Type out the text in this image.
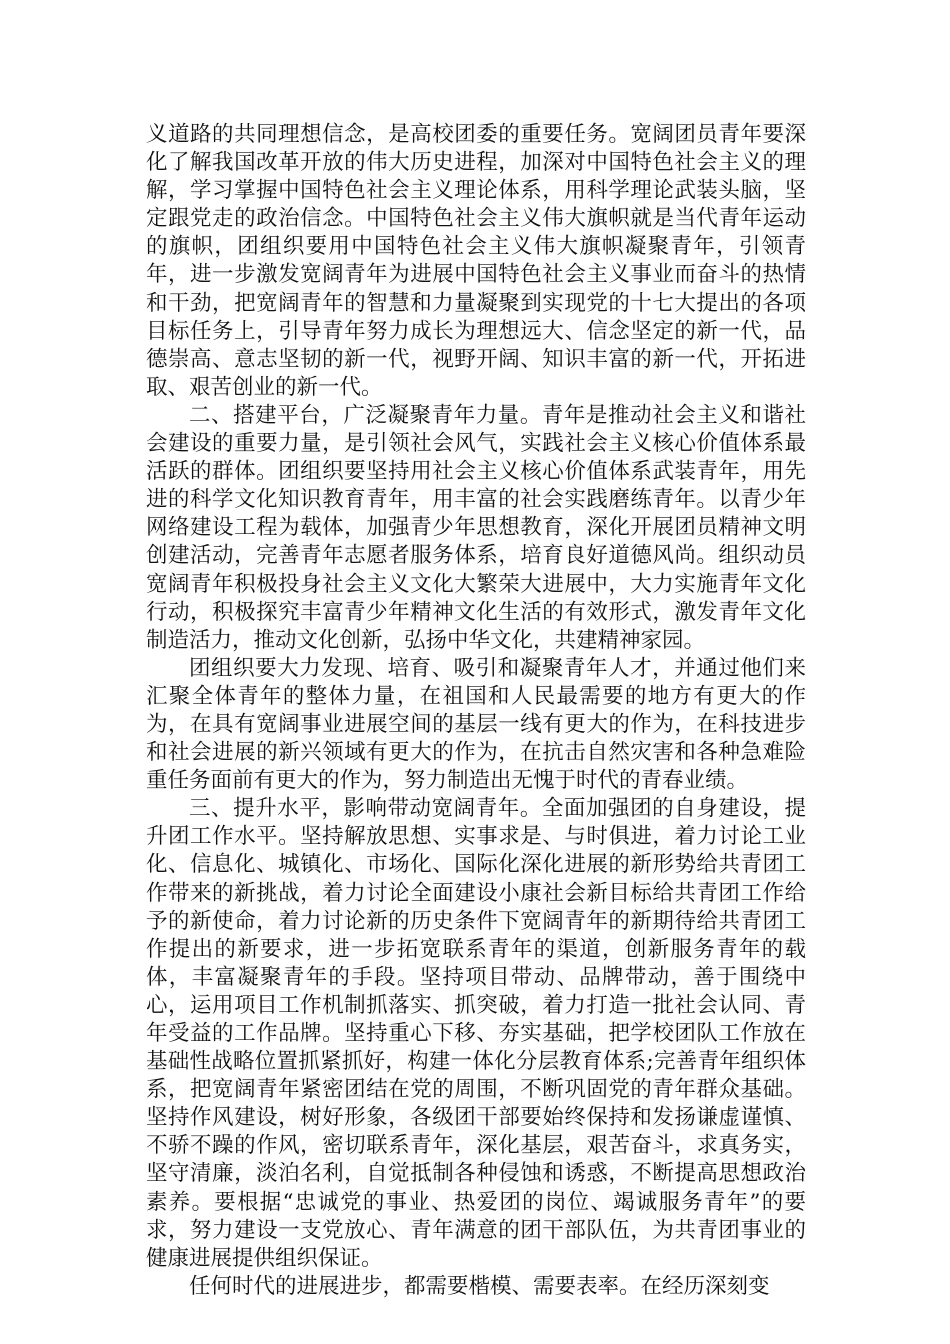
义道路的共同理想信念，是高校团委的重要任务。宽阔团员青年要深化了解我国改革开放的伟大历史进程，加深对中国特色社会主义的理解，学习掌握中国特色社会主义理论体系，用科学理论武装头脑，坚定跟党走的政治信念。中国特色社会主义伟大旗帜就是当代青年运动的旗帜，团组织要用中国特色社会主义伟大旗帜凝聚青年，引领青年，进一步激发宽阔青年为进展中国特色社会主义事业而奋斗的热情和干劲，把宽阔青年的智慧和力量凝聚到实现党的十七大提出的各项目标任务上，引导青年努力成长为理想远大、信念坚定的新一代，品德崇高、意志坚韧的新一代，视野开阔、知识丰富的新一代，开拓进取、艰苦创业的新一代。

二、搭建平台，广泛凝聚青年力量。青年是推动社会主义和谐社会建设的重要力量，是引领社会风气，实践社会主义核心价值体系最活跃的群体。团组织要坚持用社会主义核心价值体系武装青年，用先进的科学文化知识教育青年，用丰富的社会实践磨练青年。以青少年网络建设工程为载体，加强青少年思想教育，深化开展团员精神文明创建活动，完善青年志愿者服务体系，培育良好道德风尚。组织动员宽阔青年积极投身社会主义文化大繁荣大进展中，大力实施青年文化行动，积极探究丰富青少年精神文化生活的有效形式，激发青年文化制造活力，推动文化创新，弘扬中华文化，共建精神家园。

团组织要大力发现、培育、吸引和凝聚青年人才，并通过他们来汇聚全体青年的整体力量，在祖国和人民最需要的地方有更大的作为，在具有宽阔事业进展空间的基层一线有更大的作为，在科技进步和社会进展的新兴领域有更大的作为，在抗击自然灾害和各种急难险重任务面前有更大的作为，努力制造出无愧于时代的青春业绩。

三、提升水平，影响带动宽阔青年。全面加强团的自身建设，提升团工作水平。坚持解放思想、实事求是、与时俱进，着力讨论工业化、信息化、城镇化、市场化、国际化深化进展的新形势给共青团工作带来的新挑战，着力讨论全面建设小康社会新目标给共青团工作给予的新使命，着力讨论新的历史条件下宽阔青年的新期待给共青团工作提出的新要求，进一步拓宽联系青年的渠道，创新服务青年的载体，丰富凝聚青年的手段。坚持项目带动、品牌带动，善于围绕中心，运用项目工作机制抓落实、抓突破，着力打造一批社会认同、青年受益的工作品牌。坚持重心下移、夯实基础，把学校团队工作放在基础性战略位置抓紧抓好，构建一体化分层教育体系;完善青年组织体系，把宽阔青年紧密团结在党的周围，不断巩固党的青年群众基础。坚持作风建设，树好形象，各级团干部要始终保持和发扬谦虚谨慎、不骄不躁的作风，密切联系青年，深化基层，艰苦奋斗，求真务实，坚守清廉，淡泊名利，自觉抵制各种侵蚀和诱惑，不断提高思想政治素养。要根据“忠诚党的事业、热爱团的岗位、竭诚服务青年”的要求，努力建设一支党放心、青年满意的团干部队伍，为共青团事业的健康进展提供组织保证。

任何时代的进展进步，都需要楷模、需要表率。在经历深刻变
